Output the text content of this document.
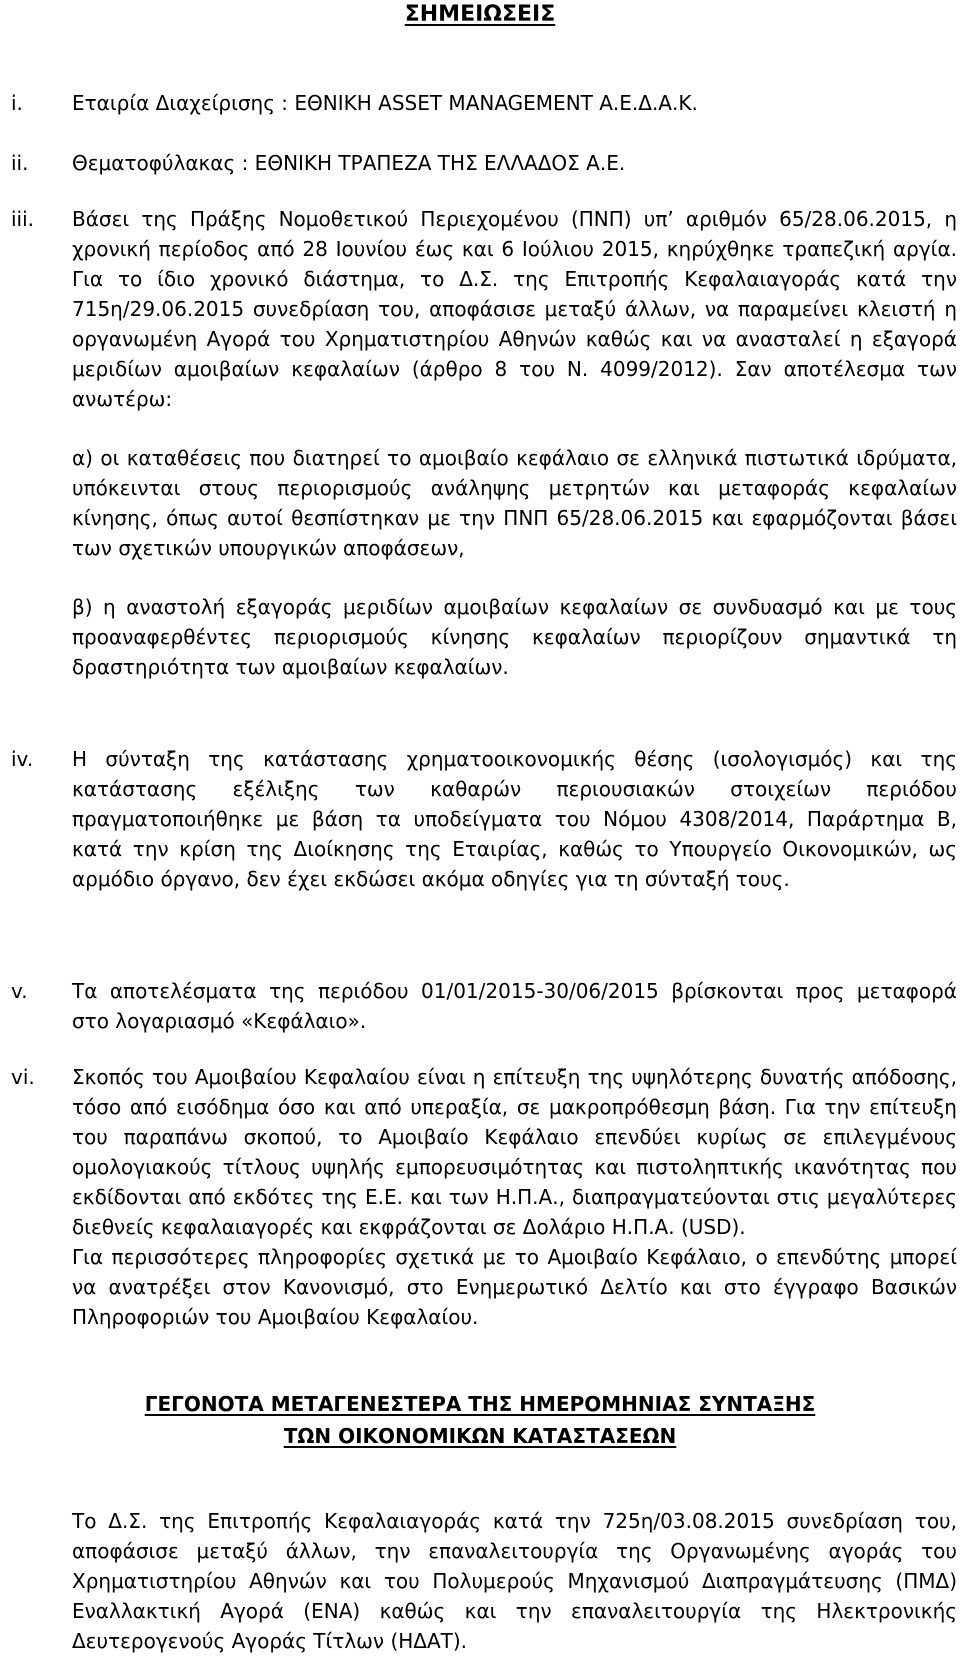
ΣΗΜΕΙΩΣΕΙΣ
i. Εταιρία Διαχείρισης : ΕΘΝΙΚΗ ASSET MANAGEMENT Α.Ε.Δ.Α.Κ.
ii. Θεματοφύλακας : ΕΘΝΙΚΗ ΤΡΑΠΕΖΑ ΤΗΣ ΕΛΛΑΔΟΣ Α.Ε.
iii. Βάσει της Πράξης Νομοθετικού Περιεχομένου (ΠΝΠ) υπ’ αριθμόν 65/28.06.2015, η χρονική περίοδος από 28 Ιουνίου έως και 6 Ιούλιου 2015, κηρύχθηκε τραπεζική αργία. Για το ίδιο χρονικό διάστημα, το Δ.Σ. της Επιτροπής Κεφαλαιαγοράς κατά την 715η/29.06.2015 συνεδρίαση του, αποφάσισε μεταξύ άλλων, να παραμείνει κλειστή η οργανωμένη Αγορά του Χρηματιστηρίου Αθηνών καθώς και να ανασταλεί η εξαγορά μεριδίων αμοιβαίων κεφαλαίων (άρθρο 8 του Ν. 4099/2012). Σαν αποτέλεσμα των ανωτέρω:

α) οι καταθέσεις που διατηρεί το αμοιβαίο κεφάλαιο σε ελληνικά πιστωτικά ιδρύματα, υπόκεινται στους περιορισμούς ανάληψης μετρητών και μεταφοράς κεφαλαίων κίνησης, όπως αυτοί θεσπίστηκαν με την ΠΝΠ 65/28.06.2015 και εφαρμόζονται βάσει των σχετικών υπουργικών αποφάσεων,

β) η αναστολή εξαγοράς μεριδίων αμοιβαίων κεφαλαίων σε συνδυασμό και με τους προαναφερθέντες περιορισμούς κίνησης κεφαλαίων περιορίζουν σημαντικά τη δραστηριότητα των αμοιβαίων κεφαλαίων.

iv. Η σύνταξη της κατάστασης χρηματοοικονομικής θέσης (ισολογισμός) και της κατάστασης εξέλιξης των καθαρών περιουσιακών στοιχείων περιόδου πραγματοποιήθηκε με βάση τα υποδείγματα του Νόμου 4308/2014, Παράρτημα Β, κατά την κρίση της Διοίκησης της Εταιρίας, καθώς το Υπουργείο Οικονομικών, ως αρμόδιο όργανο, δεν έχει εκδώσει ακόμα οδηγίες για τη σύνταξή τους.
v. Τα αποτελέσματα της περιόδου 01/01/2015-30/06/2015 βρίσκονται προς μεταφορά στο λογαριασμό «Κεφάλαιο».
vi. Σκοπός του Αμοιβαίου Κεφαλαίου είναι η επίτευξη της υψηλότερης δυνατής απόδοσης, τόσο από εισόδημα όσο και από υπεραξία, σε μακροπρόθεσμη βάση. Για την επίτευξη του παραπάνω σκοπού, το Αμοιβαίο Κεφάλαιο επενδύει κυρίως σε επιλεγμένους ομολογιακούς τίτλους υψηλής εμπορευσιμότητας και πιστοληπτικής ικανότητας που εκδίδονται από εκδότες της Ε.Ε. και των Η.Π.Α., διαπραγματεύονται στις μεγαλύτερες διεθνείς κεφαλαιαγορές και εκφράζονται σε Δολάριο Η.Π.Α. (USD).

Για περισσότερες πληροφορίες σχετικά με το Αμοιβαίο Κεφάλαιο, ο επενδύτης μπορεί να ανατρέξει στον Κανονισμό, στο Ενημερωτικό Δελτίο και στο έγγραφο Βασικών Πληροφοριών του Αμοιβαίου Κεφαλαίου.

ΓΕΓΟΝΟΤΑ ΜΕΤΑΓΕΝΕΣΤΕΡΑ ΤΗΣ ΗΜΕΡΟΜΗΝΙΑΣ ΣΥΝΤΑΞΗΣ
ΤΩΝ ΟΙΚΟΝΟΜΙΚΩΝ ΚΑΤΑΣΤΑΣΕΩΝ
Το Δ.Σ. της Επιτροπής Κεφαλαιαγοράς κατά την 725η/03.08.2015 συνεδρίαση του, αποφάσισε μεταξύ άλλων, την επαναλειτουργία της Οργανωμένης αγοράς του Χρηματιστηρίου Αθηνών και του Πολυμερούς Μηχανισμού Διαπραγμάτευσης (ΠΜΔ) Εναλλακτική Αγορά (ΕΝΑ) καθώς και την επαναλειτουργία της Ηλεκτρονικής Δευτερογενούς Αγοράς Τίτλων (ΗΔΑΤ).
